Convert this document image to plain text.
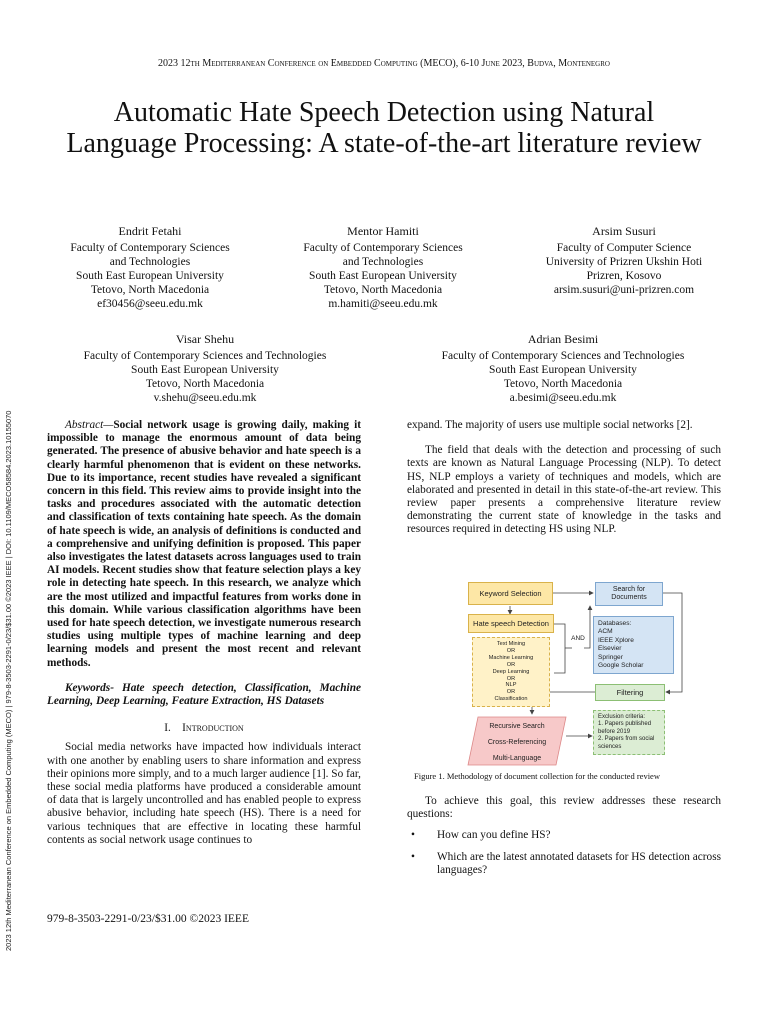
2023 12th Mediterranean Conference on Embedded Computing (MECO), 6-10 June 2023, Budva, Montenegro
Automatic Hate Speech Detection using Natural Language Processing: A state-of-the-art literature review
Endrit Fetahi
Faculty of Contemporary Sciences
and Technologies
South East European University
Tetovo, North Macedonia
ef30456@seeu.edu.mk
Mentor Hamiti
Faculty of Contemporary Sciences
and Technologies
South East European University
Tetovo, North Macedonia
m.hamiti@seeu.edu.mk
Arsim Susuri
Faculty of Computer Science
University of Prizren Ukshin Hoti
Prizren, Kosovo
arsim.susuri@uni-prizren.com
Visar Shehu
Faculty of Contemporary Sciences and Technologies
South East European University
Tetovo, North Macedonia
v.shehu@seeu.edu.mk
Adrian Besimi
Faculty of Contemporary Sciences and Technologies
South East European University
Tetovo, North Macedonia
a.besimi@seeu.edu.mk
2023 12th Mediterranean Conference on Embedded Computing (MECO) | 979-8-3503-2291-0/23/$31.00 ©2023 IEEE | DOI: 10.1109/MECO58584.2023.10155070	Abstract—Social network usage is growing daily, making it impossible to manage the enormous amount of data being generated. The presence of abusive behavior and hate speech is a clearly harmful phenomenon that is evident on these networks. Due to its importance, recent studies have revealed a significant concern in this field. This review aims to provide insight into the tasks and procedures associated with the automatic detection and classification of texts containing hate speech. As the domain of hate speech is wide, an analysis of definitions is conducted and a comprehensive and unifying definition is proposed. This paper also investigates the latest datasets across languages used to train AI models. Recent studies show that feature selection plays a key role in detecting hate speech. In this research, we analyze which are the most utilized and impactful features from works done in this domain. While various classification algorithms have been used for hate speech detection, we investigate numerous research studies using multiple types of machine learning and deep learning models and present the most recent and relevant methods.

Keywords- Hate speech detection, Classification, Machine Learning, Deep Learning, Feature Extraction, HS Datasets

I. Introduction

Social media networks have impacted how individuals interact with one another by enabling users to share information and express their opinions more simply, and to a much larger audience [1]. So far, these social media platforms have produced a considerable amount of data that is largely uncontrolled and has enabled people to express abusive behavior, including hate speech (HS). There is a need for various techniques that are effective in locating these harmful contents as social network usage continues to

979-8-3503-2291-0/23/$31.00 ©2023 IEEE

expand. The majority of users use multiple social networks [2].

The field that deals with the detection and processing of such texts are known as Natural Language Processing (NLP). To detect HS, NLP employs a variety of techniques and models, which are elaborated and presented in detail in this state-of-the-art review. This review paper presents a comprehensive literature review demonstrating the current state of knowledge in the tasks and resources required in detecting HS using NLP.

Keyword Selection
Hate speech Detection
Text Mining
OR
Machine Learning
OR
Deep Learning
OR
NLP
OR
Classification
AND
Search for Documents
Databases:
ACM
IEEE Xplore
Elsevier
Springer
Google Scholar
Filtering
Exclusion criteria:
1. Papers published before 2019
2. Papers from social sciences
Recursive Search
Cross-Referencing
Multi-Language
Figure 1. Methodology of document collection for the conducted review

To achieve this goal, this review addresses these research questions:

• How can you define HS?
• Which are the latest annotated datasets for HS detection across languages?
